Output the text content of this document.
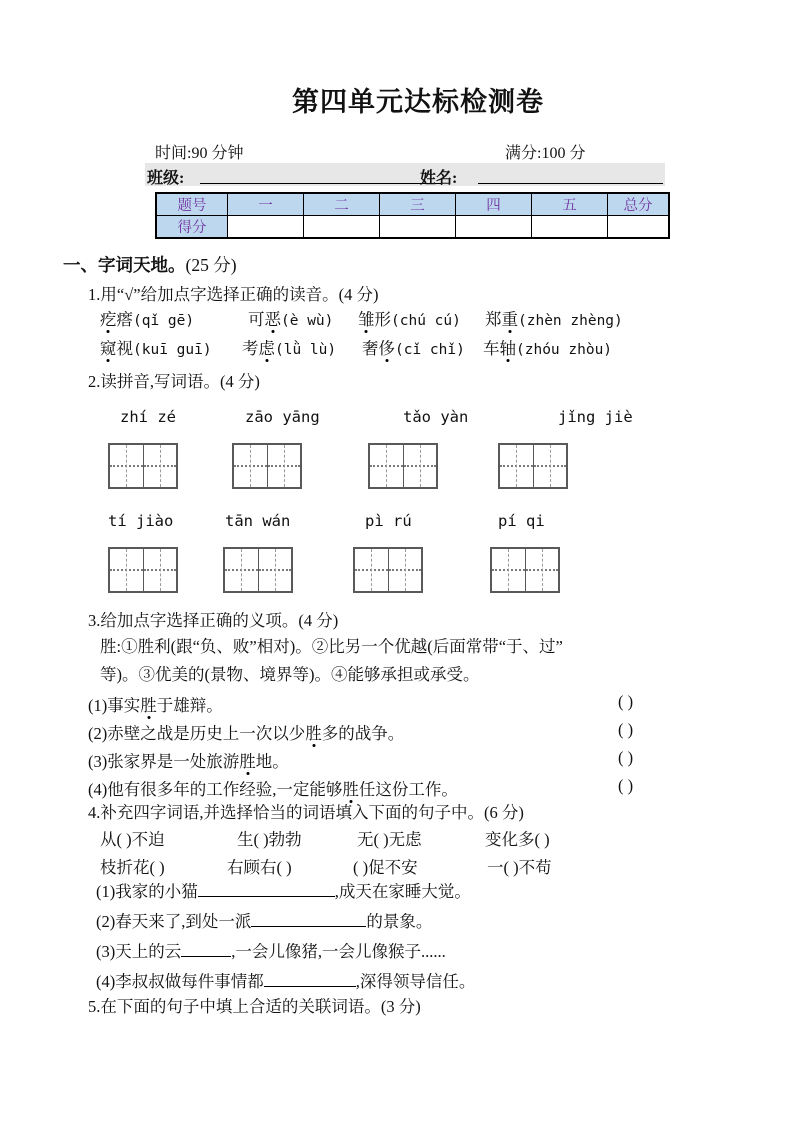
第四单元达标检测卷
时间:90 分钟	满分:100 分
班级:	姓名:
题号	一	二	三	四	五	总分
得分						
一、字词天地。(25 分)
1.用“√”给加点字选择正确的读音。(4 分)
疙瘩(qǐ gē)	可恶(è wù) 雏形(chú cú) 郑重(zhèn zhèng)
窥视(kuī guī) 考虑(lǜ lù) 奢侈(cǐ chǐ) 车轴(zhóu zhòu)
2.读拼音,写词语。(4 分)
zhí zé	zāo yāng	tǎo yàn	jǐng jiè
tí jiào	tān wán	pì rú	pí qi
3.给加点字选择正确的义项。(4 分)
胜:①胜利(跟“负、败”相对)。②比另一个优越(后面常带“于、过”
等)。③优美的(景物、境界等)。④能够承担或承受。
(1)事实胜于雄辩。	( )
(2)赤壁之战是历史上一次以少胜多的战争。	( )
(3)张家界是一处旅游胜地。	( )
(4)他有很多年的工作经验,一定能够胜任这份工作。	( )
4.补充四字词语,并选择恰当的词语填入下面的句子中。(6 分)
从( )不迫	生( )勃勃	无( )无虑	变化多( )
枝折花( )	右顾右( )	( )促不安	一( )不苟
(1)我家的小猫	,成天在家睡大觉。
(2)春天来了,到处一派	的景象。
(3)天上的云	,一会儿像猪,一会儿像猴子......
(4)李叔叔做每件事情都	,深得领导信任。
5.在下面的句子中填上合适的关联词语。(3 分)
